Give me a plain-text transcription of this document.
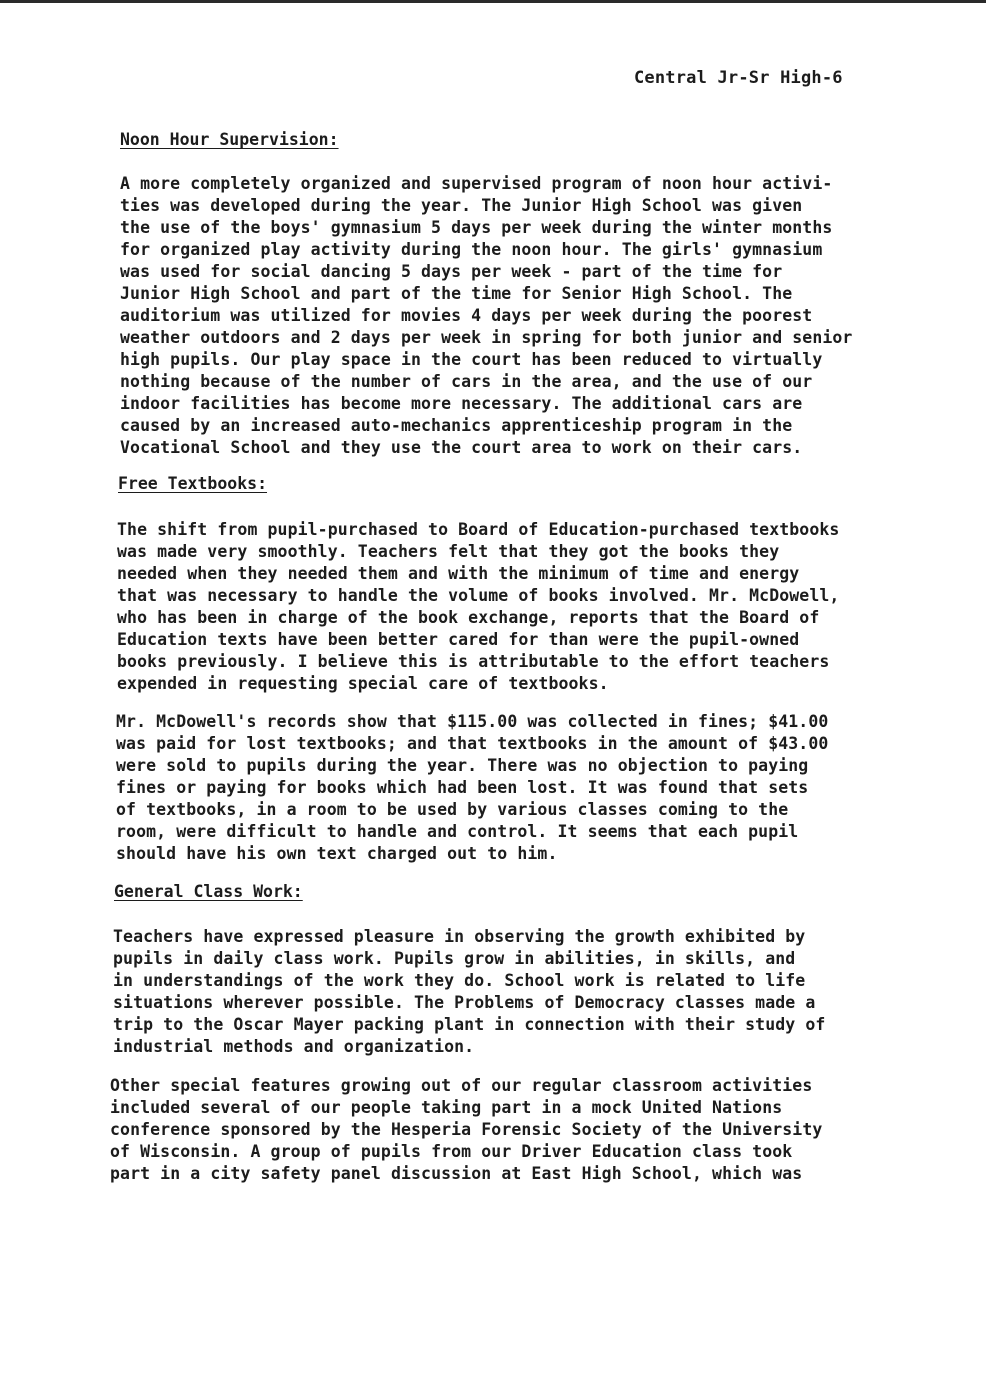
Central Jr-Sr High-6
Noon Hour Supervision:
A more completely organized and supervised program of noon hour activi-
ties was developed during the year. The Junior High School was given
the use of the boys' gymnasium 5 days per week during the winter months
for organized play activity during the noon hour. The girls' gymnasium
was used for social dancing 5 days per week - part of the time for
Junior High School and part of the time for Senior High School. The
auditorium was utilized for movies 4 days per week during the poorest
weather outdoors and 2 days per week in spring for both junior and senior
high pupils. Our play space in the court has been reduced to virtually
nothing because of the number of cars in the area, and the use of our
indoor facilities has become more necessary. The additional cars are
caused by an increased auto-mechanics apprenticeship program in the
Vocational School and they use the court area to work on their cars.
Free Textbooks:
The shift from pupil-purchased to Board of Education-purchased textbooks
was made very smoothly. Teachers felt that they got the books they
needed when they needed them and with the minimum of time and energy
that was necessary to handle the volume of books involved. Mr. McDowell,
who has been in charge of the book exchange, reports that the Board of
Education texts have been better cared for than were the pupil-owned
books previously. I believe this is attributable to the effort teachers
expended in requesting special care of textbooks.
Mr. McDowell's records show that $115.00 was collected in fines; $41.00
was paid for lost textbooks; and that textbooks in the amount of $43.00
were sold to pupils during the year. There was no objection to paying
fines or paying for books which had been lost. It was found that sets
of textbooks, in a room to be used by various classes coming to the
room, were difficult to handle and control. It seems that each pupil
should have his own text charged out to him.
General Class Work:
Teachers have expressed pleasure in observing the growth exhibited by
pupils in daily class work. Pupils grow in abilities, in skills, and
in understandings of the work they do. School work is related to life
situations wherever possible. The Problems of Democracy classes made a
trip to the Oscar Mayer packing plant in connection with their study of
industrial methods and organization.
Other special features growing out of our regular classroom activities
included several of our people taking part in a mock United Nations
conference sponsored by the Hesperia Forensic Society of the University
of Wisconsin. A group of pupils from our Driver Education class took
part in a city safety panel discussion at East High School, which was
